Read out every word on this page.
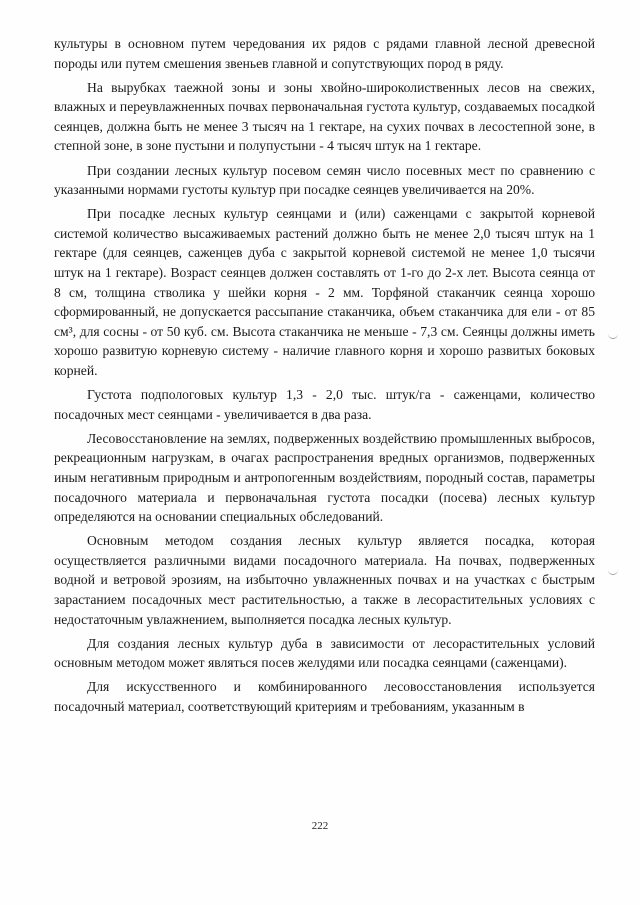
культуры в основном путем чередования их рядов с рядами главной лесной древесной породы или путем смешения звеньев главной и сопутствующих пород в ряду.

На вырубках таежной зоны и зоны хвойно-широколиственных лесов на свежих, влажных и переувлажненных почвах первоначальная густота культур, создаваемых посадкой сеянцев, должна быть не менее 3 тысяч на 1 гектаре, на сухих почвах в лесостепной зоне, в степной зоне, в зоне пустыни и полупустыни - 4 тысяч штук на 1 гектаре.

При создании лесных культур посевом семян число посевных мест по сравнению с указанными нормами густоты культур при посадке сеянцев увеличивается на 20%.

При посадке лесных культур сеянцами и (или) саженцами с закрытой корневой системой количество высаживаемых растений должно быть не менее 2,0 тысяч штук на 1 гектаре (для сеянцев, саженцев дуба с закрытой корневой системой не менее 1,0 тысячи штук на 1 гектаре). Возраст сеянцев должен составлять от 1-го до 2-х лет. Высота сеянца от 8 см, толщина стволика у шейки корня - 2 мм. Торфяной стаканчик сеянца хорошо сформированный, не допускается рассыпание стаканчика, объем стаканчика для ели - от 85 см³, для сосны - от 50 куб. см. Высота стаканчика не меньше - 7,3 см. Сеянцы должны иметь хорошо развитую корневую систему - наличие главного корня и хорошо развитых боковых корней.

Густота подпологовых культур 1,3 - 2,0 тыс. штук/га - саженцами, количество посадочных мест сеянцами - увеличивается в два раза.

Лесовосстановление на землях, подверженных воздействию промышленных выбросов, рекреационным нагрузкам, в очагах распространения вредных организмов, подверженных иным негативным природным и антропогенным воздействиям, породный состав, параметры посадочного материала и первоначальная густота посадки (посева) лесных культур определяются на основании специальных обследований.

Основным методом создания лесных культур является посадка, которая осуществляется различными видами посадочного материала. На почвах, подверженных водной и ветровой эрозиям, на избыточно увлажненных почвах и на участках с быстрым зарастанием посадочных мест растительностью, а также в лесорастительных условиях с недостаточным увлажнением, выполняется посадка лесных культур.

Для создания лесных культур дуба в зависимости от лесорастительных условий основным методом может являться посев желудями или посадка сеянцами (саженцами).

Для искусственного и комбинированного лесовосстановления используется посадочный материал, соответствующий критериям и требованиям, указанным в

222
